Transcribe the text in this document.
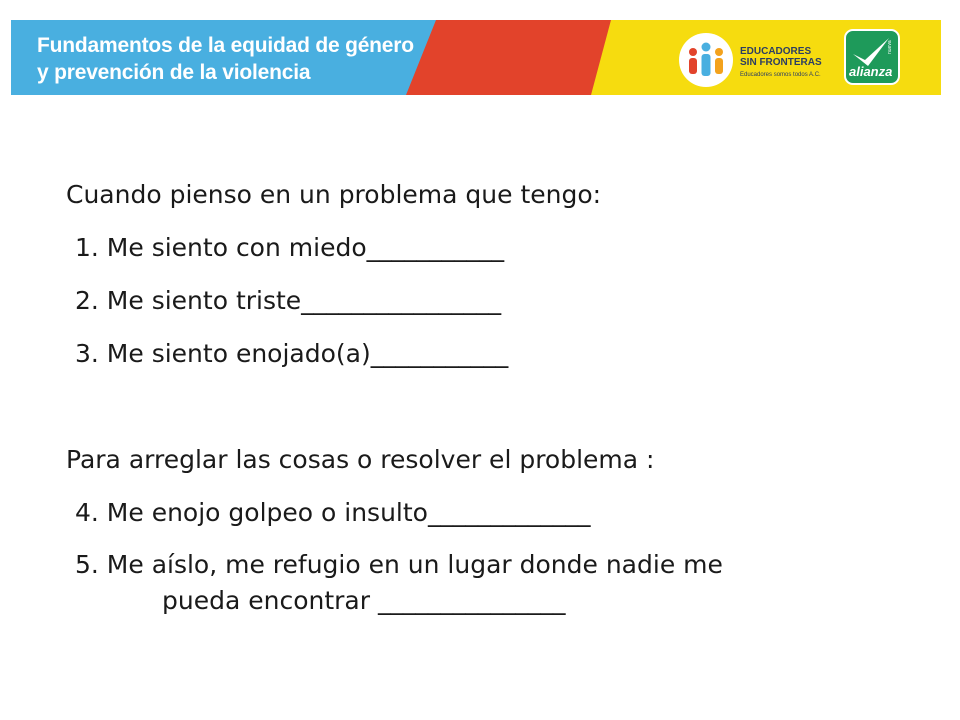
Fundamentos de la equidad de género
y prevención de la violencia
EDUCADORES
SIN FRONTERAS
Educadores somos todos A.C.
nueva
alianza
Cuando pienso en un problema que tengo:
1. Me siento con miedo___________
2. Me siento triste________________
3. Me siento enojado(a)___________
Para arreglar las cosas o resolver el problema :
4. Me enojo golpeo o insulto_____________
5. Me aíslo, me refugio en un lugar donde nadie me
pueda encontrar _______________
